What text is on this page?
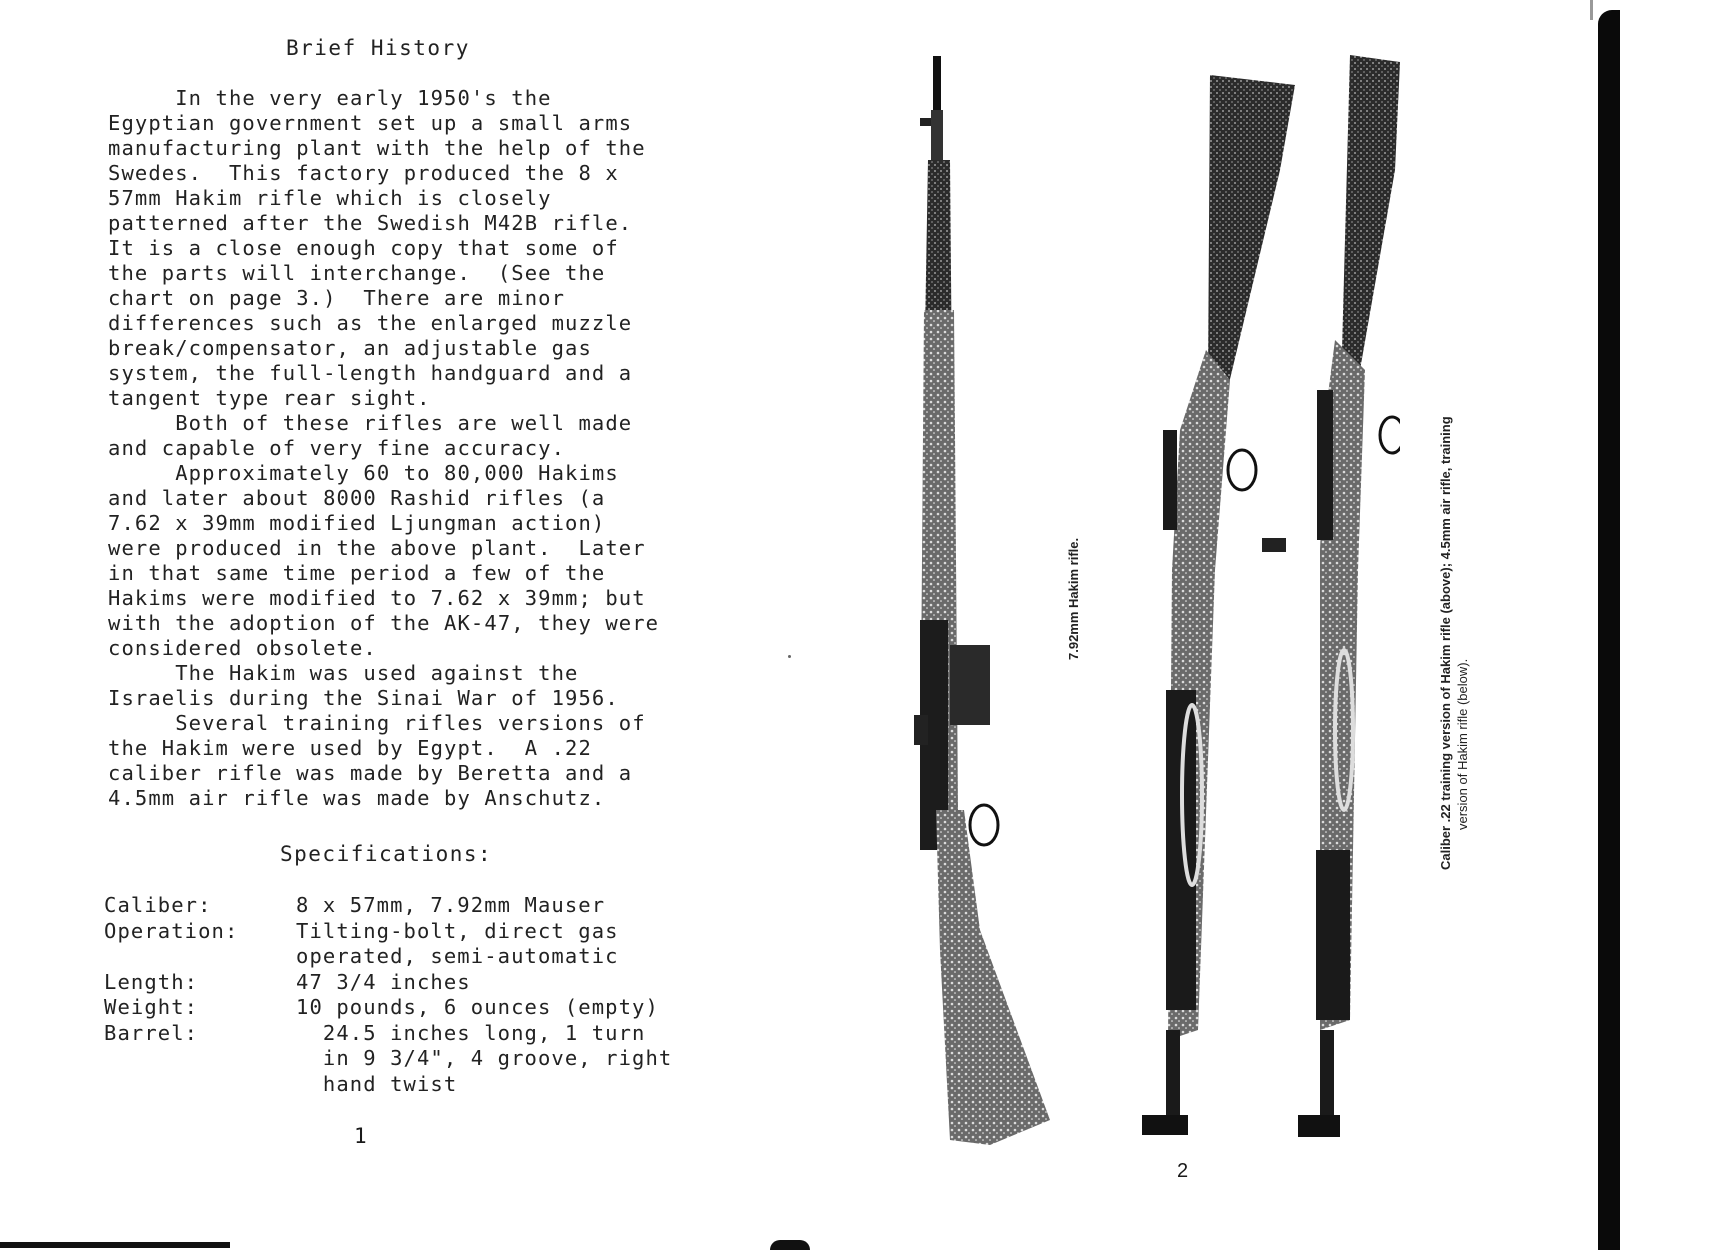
Brief History
In the very early 1950's the
Egyptian government set up a small arms
manufacturing plant with the help of the
Swedes.  This factory produced the 8 x
57mm Hakim rifle which is closely
patterned after the Swedish M42B rifle.
It is a close enough copy that some of
the parts will interchange.  (See the
chart on page 3.)  There are minor
differences such as the enlarged muzzle
break/compensator, an adjustable gas
system, the full-length handguard and a
tangent type rear sight.
Both of these rifles are well made
and capable of very fine accuracy.
Approximately 60 to 80,000 Hakims
and later about 8000 Rashid rifles (a
7.62 x 39mm modified Ljungman action)
were produced in the above plant.  Later
in that same time period a few of the
Hakims were modified to 7.62 x 39mm; but
with the adoption of the AK-47, they were
considered obsolete.
The Hakim was used against the
Israelis during the Sinai War of 1956.
Several training rifles versions of
the Hakim were used by Egypt.  A .22
caliber rifle was made by Beretta and a
4.5mm air rifle was made by Anschutz.
Specifications:
Caliber:	8 x 57mm, 7.92mm Mauser
Operation:	Tilting-bolt, direct gas
operated, semi-automatic
Length:	47 3/4 inches
Weight:	10 pounds, 6 ounces (empty)
Barrel:	24.5 inches long, 1 turn
in 9 3/4", 4 groove, right
hand twist
1
7.92mm Hakim rifle.	Caliber .22 training version of Hakim rifle (above); 4.5mm air rifle, training version of Hakim rifle (below).
2
